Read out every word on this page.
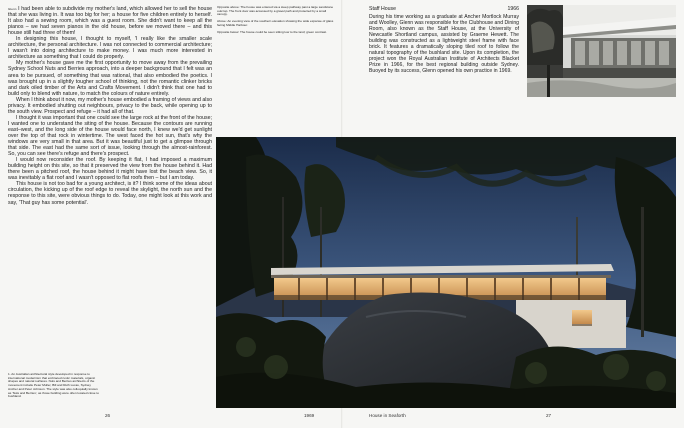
$^{Glenn}$ I had been able to subdivide my mother's land, which allowed her to sell the house that she was living in. It was too big for her; a house for five children entirely to herself. It also had a sewing room, which was a guest room. She didn't want to keep all the pianos – we had seven pianos in the old house, before we moved there – and this house still had three of them!

In designing this house, I thought to myself, 'I really like the smaller scale architecture, the personal architecture. I was not connected to commercial architecture; I wasn't into doing architecture to make money. I was much more interested in architecture as something that I could do properly.

My mother's house gave me the first opportunity to move away from the prevailing Sydney School Nuts and Berries approach, into a deeper background that I felt was an area to be pursued, of something that was rational, that also embodied the poetics. I was brought up in a slightly tougher school of thinking, not the romantic clinker bricks and dark oiled timber of the Arts and Crafts Movement. I didn't think that one had to build only to blend with nature, to match the colours of nature entirely.

When I think about it now, my mother's house embodied a framing of views and also privacy. It embodied shutting out neighbours, privacy to the back, while opening up to the south view. Prospect and refuge – it had all of that.

I thought it was important that one could see the large rock at the front of the house; I wanted one to understand the siting of the house. Because the contours are running east–west, and the long side of the house would face north, I knew we'd get sunlight over the top of that rock in wintertime. The west faced the hot sun, that's why the windows are very small in that area. But it was beautiful just to get a glimpse through that side. The east had the same sort of issue, looking through the almost-rainforest. So, you can see there's refuge and there's prospect.

I would now reconsider the roof. By keeping it flat, I had imposed a maximum building height on this site, so that it preserved the view from the house behind it. Had there been a pitched roof, the house behind it might have lost the beach view. So, it was inevitably a flat roof and I wasn't opposed to flat roofs then – but I am today.

This house is not too bad for a young architect, is it? I think some of the ideas about circulation, the kicking up of the roof edge to reveal the skylight, the north sun and the response to this site, were obvious things to do. Today, one might look at this work and say, 'That guy has some potential'.

Opposite above: The house was entered via a steep pathway past a large sandstone outcrop. The front door was accessed by a gravel path and protected by a small canopy.

Above: An evening view of the southern elevation showing the wide expanse of glass facing Middle Harbour.

Opposite below: The house could be seen sitting low to the land; green contrast.

1. An Australian architectural style developed in response to international modernism that embraced rustic materials, organic shapes and natural surfaces. Nuts and Berries architects of the movement include Peter Muller, Bill and Ruth Lucas, Sydney Ancher and Peter Johnson. The style was also colloquially known as 'Nuts and Berries', as those building were often located close to bushland.
26	1969	House in Seaforth	27
Staff House	1966

During his time working as a graduate at Ancher Mortlock Murray and Woolley, Glenn was responsible for the Clubhouse and Dining Room, also known as the Staff House, at the University of Newcastle Shortland campus, assisted by Graeme Hewett. The building was constructed as a lightweight steel frame with face brick. It features a dramatically sloping tiled roof to follow the natural topography of the bushland site. Upon its completion, the project won the Royal Australian Institute of Architects Blacket Prize in 1966, for the best regional building outside Sydney. Buoyed by its success, Glenn opened his own practice in 1969.
